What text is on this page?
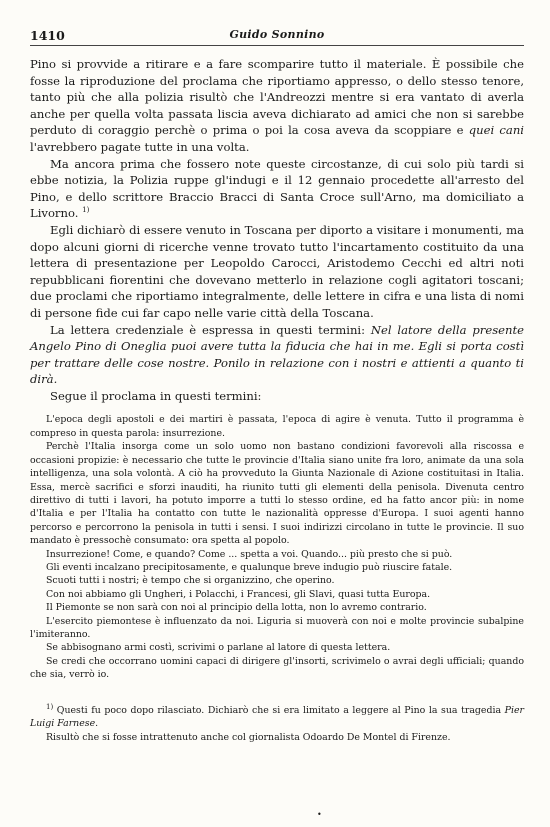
1410	Guido Sonnino

Pino si provvide a ritirare e a fare scomparire tutto il materiale. È possibile che fosse la riproduzione del proclama che riportiamo appresso, o dello stesso tenore, tanto più che alla polizia risultò che l'Andreozzi mentre si era vantato di averla anche per quella volta passata liscia aveva dichiarato ad amici che non si sarebbe perduto di coraggio perchè o prima o poi la cosa aveva da scoppiare e quei cani l'avrebbero pagate tutte in una volta.

Ma ancora prima che fossero note queste circostanze, di cui solo più tardi si ebbe notizia, la Polizia ruppe gl'indugi e il 12 gennaio procedette all'arresto del Pino, e dello scrittore Braccio Bracci di Santa Croce sull'Arno, ma domiciliato a Livorno. $^{1)}$

Egli dichiarò di essere venuto in Toscana per diporto a visitare i monumenti, ma dopo alcuni giorni di ricerche venne trovato tutto l'incartamento costituito da una lettera di presentazione per Leopoldo Carocci, Aristodemo Cecchi ed altri noti repubblicani fiorentini che dovevano metterlo in relazione cogli agitatori toscani; due proclami che riportiamo integralmente, delle lettere in cifra e una lista di nomi di persone fide cui far capo nelle varie città della Toscana.

La lettera credenziale è espressa in questi termini: Nel latore della presente Angelo Pino di Oneglia puoi avere tutta la fiducia che hai in me. Egli si porta costì per trattare delle cose nostre. Ponilo in relazione con i nostri e attienti a quanto ti dirà.

Segue il proclama in questi termini:

L'epoca degli apostoli e dei martiri è passata, l'epoca di agire è venuta. Tutto il programma è compreso in questa parola: insurrezione.

Perchè l'Italia insorga come un solo uomo non bastano condizioni favorevoli alla riscossa e occasioni propizie: è necessario che tutte le provincie d'Italia siano unite fra loro, animate da una sola intelligenza, una sola volontà. A ciò ha provveduto la Giunta Nazionale di Azione costituitasi in Italia. Essa, mercè sacrifici e sforzi inauditi, ha riunito tutti gli elementi della penisola. Divenuta centro direttivo di tutti i lavori, ha potuto imporre a tutti lo stesso ordine, ed ha fatto ancor più: in nome d'Italia e per l'Italia ha contatto con tutte le nazionalità oppresse d'Europa. I suoi agenti hanno percorso e percorrono la penisola in tutti i sensi. I suoi indirizzi circolano in tutte le provincie. Il suo mandato è pressochè consumato: ora spetta al popolo.

Insurrezione! Come, e quando? Come ... spetta a voi. Quando... più presto che si può.

Gli eventi incalzano precipitosamente, e qualunque breve indugio può riuscire fatale.

Scuoti tutti i nostri; è tempo che si organizzino, che operino.

Con noi abbiamo gli Ungheri, i Polacchi, i Francesi, gli Slavi, quasi tutta Europa.

Il Piemonte se non sarà con noi al principio della lotta, non lo avremo contrario.

L'esercito piemontese è influenzato da noi. Liguria si muoverà con noi e molte provincie subalpine l'imiteranno.

Se abbisognano armi costì, scrivimi o parlane al latore di questa lettera.

Se credi che occorrano uomini capaci di dirigere gl'insorti, scrivimelo o avrai degli ufficiali; quando che sia, verrò io.

$^{1)}$ Questi fu poco dopo rilasciato. Dichiarò che si era limitato a leggere al Pino la sua tragedia Pier Luigi Farnese.

Risultò che si fosse intrattenuto anche col giornalista Odoardo De Montel di Firenze.

•
